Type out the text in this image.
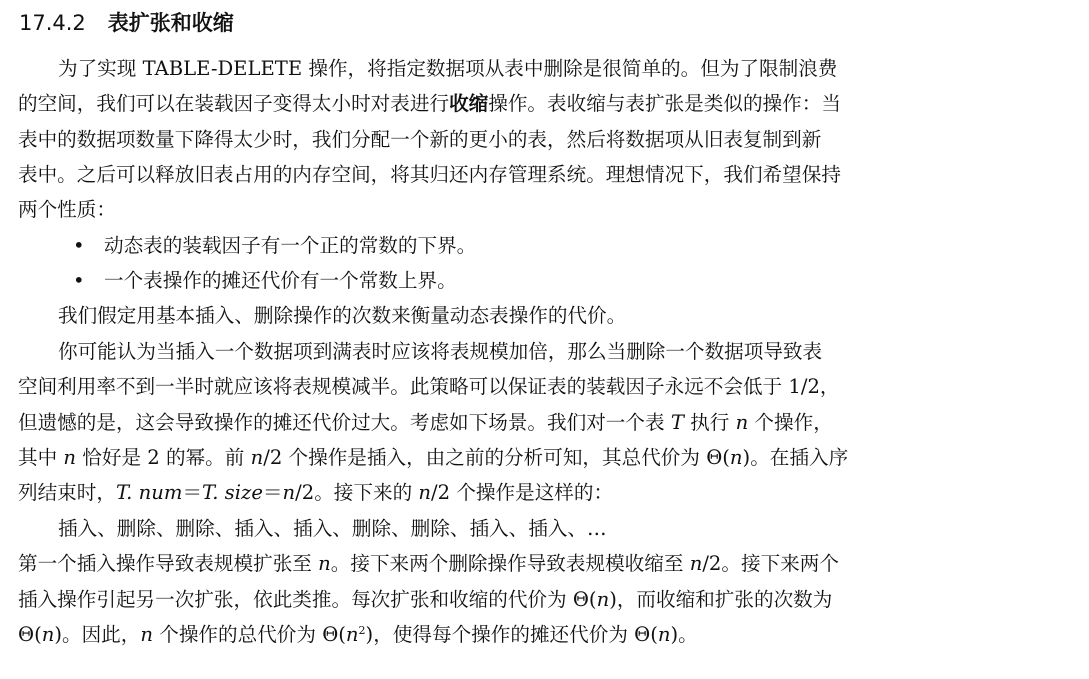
17.4.2 表扩张和收缩
为了实现 TABLE-DELETE 操作，将指定数据项从表中删除是很简单的。但为了限制浪费
的空间，我们可以在装载因子变得太小时对表进行收缩操作。表收缩与表扩张是类似的操作：当
表中的数据项数量下降得太少时，我们分配一个新的更小的表，然后将数据项从旧表复制到新
表中。之后可以释放旧表占用的内存空间，将其归还内存管理系统。理想情况下，我们希望保持
两个性质：
• 动态表的装载因子有一个正的常数的下界。
• 一个表操作的摊还代价有一个常数上界。
我们假定用基本插入、删除操作的次数来衡量动态表操作的代价。
你可能认为当插入一个数据项到满表时应该将表规模加倍，那么当删除一个数据项导致表
空间利用率不到一半时就应该将表规模减半。此策略可以保证表的装载因子永远不会低于 1/2，
但遗憾的是，这会导致操作的摊还代价过大。考虑如下场景。我们对一个表 T 执行 n 个操作，
其中 n 恰好是 2 的幂。前 n/2 个操作是插入，由之前的分析可知，其总代价为 Θ(n)。在插入序
列结束时，T. num＝T. size＝n/2。接下来的 n/2 个操作是这样的：
插入、删除、删除、插入、插入、删除、删除、插入、插入、…
第一个插入操作导致表规模扩张至 n。接下来两个删除操作导致表规模收缩至 n/2。接下来两个
插入操作引起另一次扩张，依此类推。每次扩张和收缩的代价为 Θ(n)，而收缩和扩张的次数为
Θ(n)。因此，n 个操作的总代价为 $\Theta(n^2)$，使得每个操作的摊还代价为 Θ(n)。
